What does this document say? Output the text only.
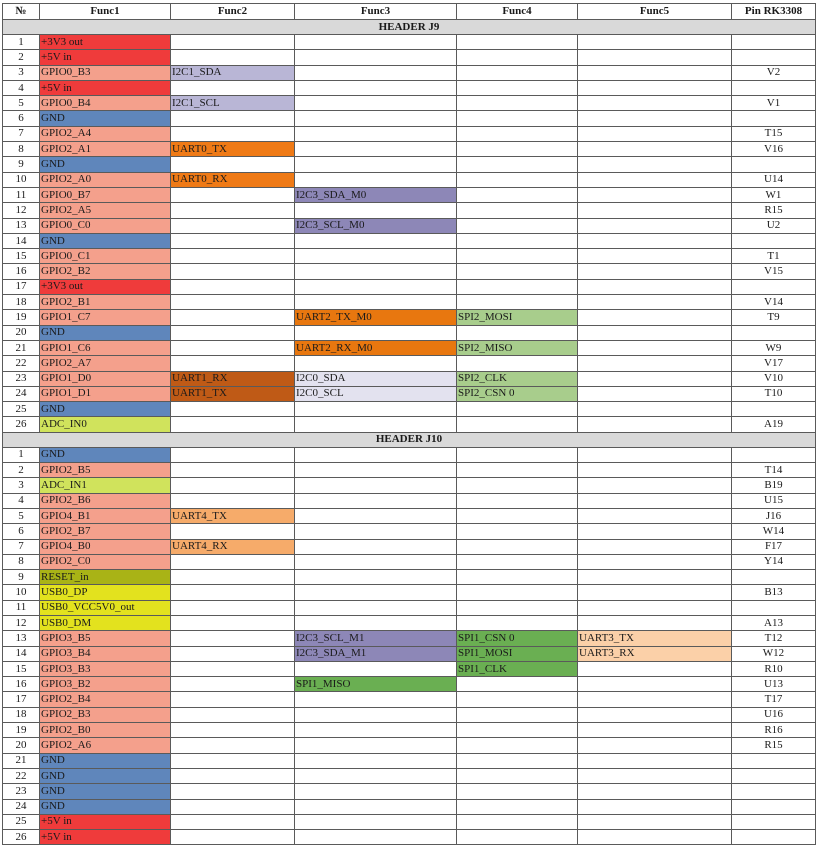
№	Func1	Func2	Func3	Func4	Func5	Pin RK3308
HEADER J9						
1	+3V3 out					
2	+5V in					
3	GPIO0_B3	I2C1_SDA				V2
4	+5V in					
5	GPIO0_B4	I2C1_SCL				V1
6	GND					
7	GPIO2_A4					T15
8	GPIO2_A1	UART0_TX				V16
9	GND					
10	GPIO2_A0	UART0_RX				U14
11	GPIO0_B7		I2C3_SDA_M0			W1
12	GPIO2_A5					R15
13	GPIO0_C0		I2C3_SCL_M0			U2
14	GND					
15	GPIO0_C1					T1
16	GPIO2_B2					V15
17	+3V3 out					
18	GPIO2_B1					V14
19	GPIO1_C7		UART2_TX_M0	SPI2_MOSI		T9
20	GND					
21	GPIO1_C6		UART2_RX_M0	SPI2_MISO		W9
22	GPIO2_A7					V17
23	GPIO1_D0	UART1_RX	I2C0_SDA	SPI2_CLK		V10
24	GPIO1_D1	UART1_TX	I2C0_SCL	SPI2_CSN 0		T10
25	GND					
26	ADC_IN0					A19
HEADER J10						
1	GND					
2	GPIO2_B5					T14
3	ADC_IN1					B19
4	GPIO2_B6					U15
5	GPIO4_B1	UART4_TX				J16
6	GPIO2_B7					W14
7	GPIO4_B0	UART4_RX				F17
8	GPIO2_C0					Y14
9	RESET_in					
10	USB0_DP					B13
11	USB0_VCC5V0_out					
12	USB0_DM					A13
13	GPIO3_B5		I2C3_SCL_M1	SPI1_CSN 0	UART3_TX	T12
14	GPIO3_B4		I2C3_SDA_M1	SPI1_MOSI	UART3_RX	W12
15	GPIO3_B3			SPI1_CLK		R10
16	GPIO3_B2		SPI1_MISO			U13
17	GPIO2_B4					T17
18	GPIO2_B3					U16
19	GPIO2_B0					R16
20	GPIO2_A6					R15
21	GND					
22	GND					
23	GND					
24	GND					
25	+5V in					
26	+5V in					
